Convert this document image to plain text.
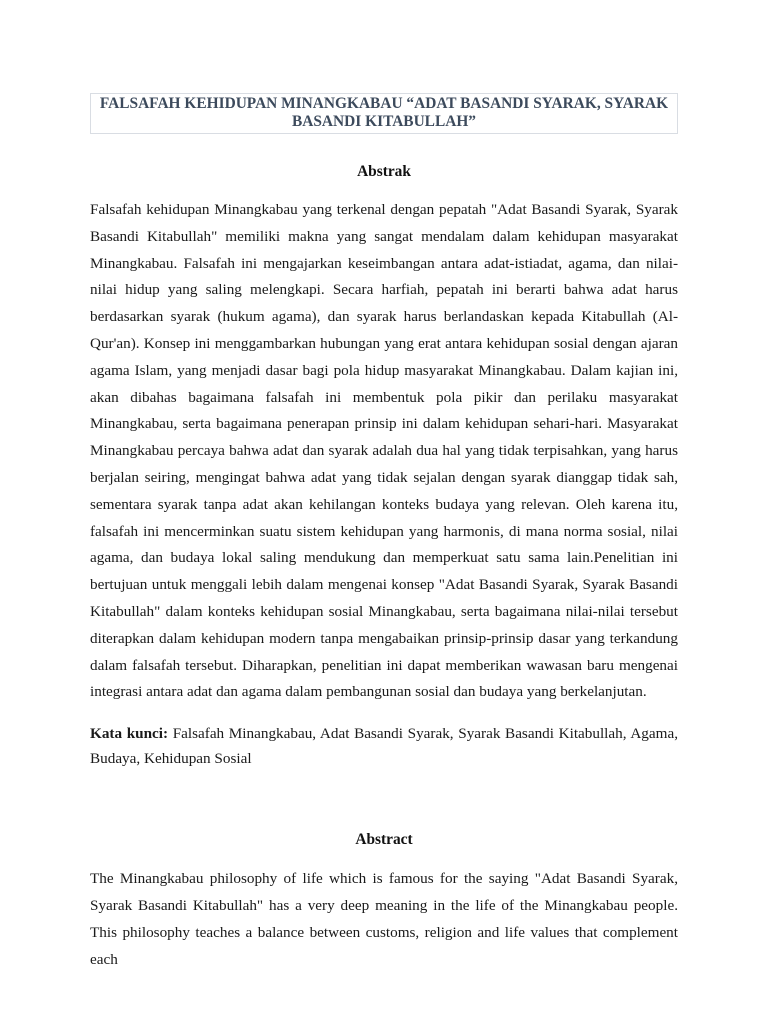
FALSAFAH KEHIDUPAN MINANGKABAU “ADAT BASANDI SYARAK, SYARAK BASANDI KITABULLAH”
Abstrak

Falsafah kehidupan Minangkabau yang terkenal dengan pepatah "Adat Basandi Syarak, Syarak Basandi Kitabullah" memiliki makna yang sangat mendalam dalam kehidupan masyarakat Minangkabau. Falsafah ini mengajarkan keseimbangan antara adat-istiadat, agama, dan nilai-nilai hidup yang saling melengkapi. Secara harfiah, pepatah ini berarti bahwa adat harus berdasarkan syarak (hukum agama), dan syarak harus berlandaskan kepada Kitabullah (Al-Qur'an). Konsep ini menggambarkan hubungan yang erat antara kehidupan sosial dengan ajaran agama Islam, yang menjadi dasar bagi pola hidup masyarakat Minangkabau. Dalam kajian ini, akan dibahas bagaimana falsafah ini membentuk pola pikir dan perilaku masyarakat Minangkabau, serta bagaimana penerapan prinsip ini dalam kehidupan sehari-hari. Masyarakat Minangkabau percaya bahwa adat dan syarak adalah dua hal yang tidak terpisahkan, yang harus berjalan seiring, mengingat bahwa adat yang tidak sejalan dengan syarak dianggap tidak sah, sementara syarak tanpa adat akan kehilangan konteks budaya yang relevan. Oleh karena itu, falsafah ini mencerminkan suatu sistem kehidupan yang harmonis, di mana norma sosial, nilai agama, dan budaya lokal saling mendukung dan memperkuat satu sama lain.Penelitian ini bertujuan untuk menggali lebih dalam mengenai konsep "Adat Basandi Syarak, Syarak Basandi Kitabullah" dalam konteks kehidupan sosial Minangkabau, serta bagaimana nilai-nilai tersebut diterapkan dalam kehidupan modern tanpa mengabaikan prinsip-prinsip dasar yang terkandung dalam falsafah tersebut. Diharapkan, penelitian ini dapat memberikan wawasan baru mengenai integrasi antara adat dan agama dalam pembangunan sosial dan budaya yang berkelanjutan.

Kata kunci: Falsafah Minangkabau, Adat Basandi Syarak, Syarak Basandi Kitabullah, Agama, Budaya, Kehidupan Sosial

Abstract

The Minangkabau philosophy of life which is famous for the saying "Adat Basandi Syarak, Syarak Basandi Kitabullah" has a very deep meaning in the life of the Minangkabau people. This philosophy teaches a balance between customs, religion and life values that complement each
